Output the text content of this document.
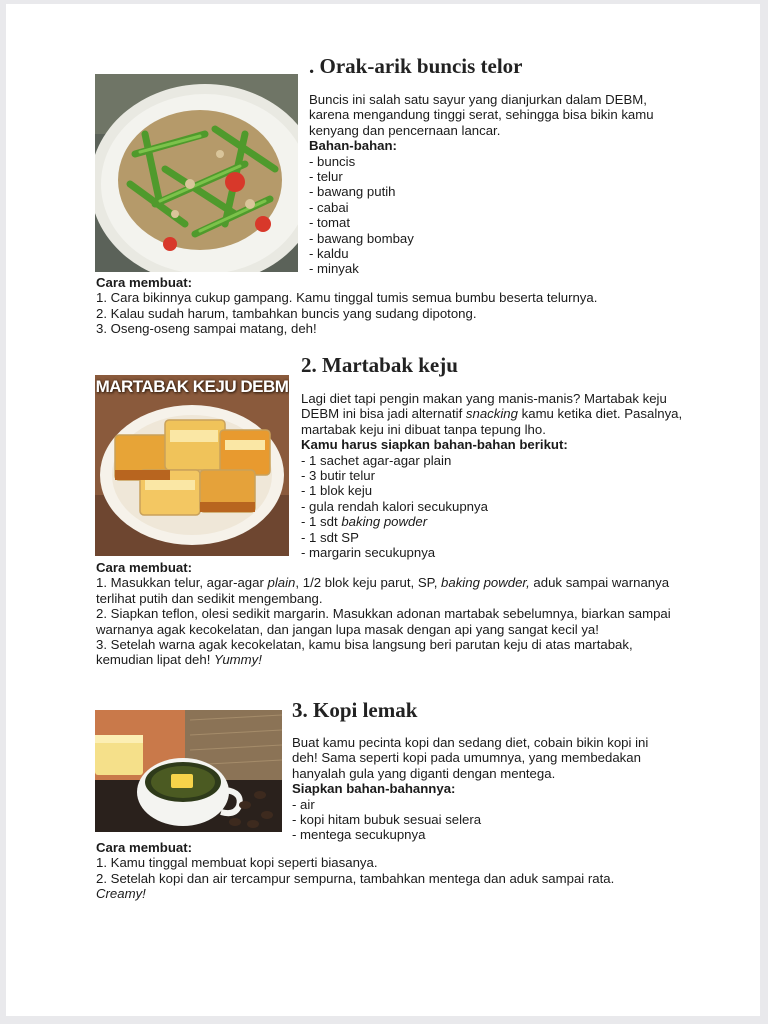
. Orak-arik buncis telor

Buncis ini salah satu sayur yang dianjurkan dalam DEBM, karena mengandung tinggi serat, sehingga bisa bikin kamu kenyang dan pencernaan lancar.

Bahan-bahan:

- buncis
- telur
- bawang putih
- cabai
- tomat
- bawang bombay
- kaldu
- minyak

Cara membuat:

1. Cara bikinnya cukup gampang. Kamu tinggal tumis semua bumbu beserta telurnya.

2. Kalau sudah harum, tambahkan buncis yang sudang dipotong.

3. Oseng-oseng sampai matang, deh!

2. Martabak keju
MARTABAK KEJU DEBM

Lagi diet tapi pengin makan yang manis-manis? Martabak keju DEBM ini bisa jadi alternatif snacking kamu ketika diet. Pasalnya, martabak keju ini dibuat tanpa tepung lho.

Kamu harus siapkan bahan-bahan berikut:

- 1 sachet agar-agar plain
- 3 butir telur
- 1 blok keju
- gula rendah kalori secukupnya
- 1 sdt baking powder
- 1 sdt SP
- margarin secukupnya

Cara membuat:

1. Masukkan telur, agar-agar plain, 1/2 blok keju parut, SP, baking powder, aduk sampai warnanya terlihat putih dan sedikit mengembang.

2. Siapkan teflon, olesi sedikit margarin. Masukkan adonan martabak sebelumnya, biarkan sampai warnanya agak kecokelatan, dan jangan lupa masak dengan api yang sangat kecil ya!

3. Setelah warna agak kecokelatan, kamu bisa langsung beri parutan keju di atas martabak, kemudian lipat deh! Yummy!

3. Kopi lemak

Buat kamu pecinta kopi dan sedang diet, cobain bikin kopi ini deh! Sama seperti kopi pada umumnya, yang membedakan hanyalah gula yang diganti dengan mentega.

Siapkan bahan-bahannya:

- air
- kopi hitam bubuk sesuai selera
- mentega secukupnya

Cara membuat:

1. Kamu tinggal membuat kopi seperti biasanya.

2. Setelah kopi dan air tercampur sempurna, tambahkan mentega dan aduk sampai rata. Creamy!
